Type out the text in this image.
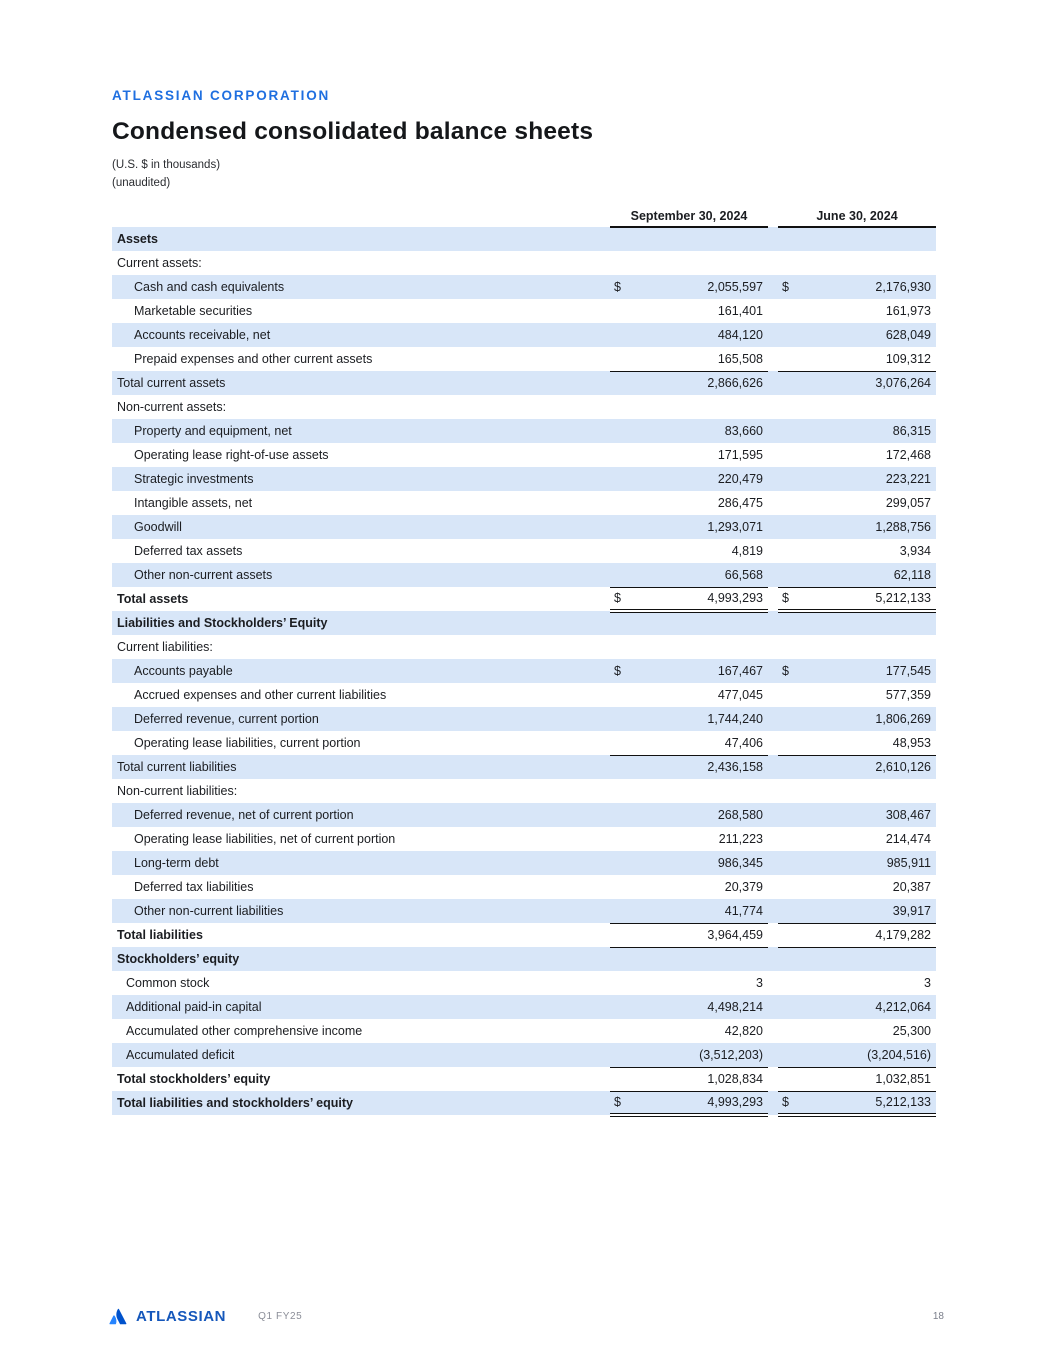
ATLASSIAN CORPORATION
Condensed consolidated balance sheets
(U.S. $ in thousands)
(unaudited)
	September 30, 2024			June 30, 2024	
Assets					
Current assets:					
Cash and cash equivalents	$	2,055,597		$	2,176,930
Marketable securities		161,401			161,973
Accounts receivable, net		484,120			628,049
Prepaid expenses and other current assets		165,508			109,312
Total current assets		2,866,626			3,076,264
Non-current assets:					
Property and equipment, net		83,660			86,315
Operating lease right-of-use assets		171,595			172,468
Strategic investments		220,479			223,221
Intangible assets, net		286,475			299,057
Goodwill		1,293,071			1,288,756
Deferred tax assets		4,819			3,934
Other non-current assets		66,568			62,118
Total assets	$	4,993,293		$	5,212,133
Liabilities and Stockholders’ Equity					
Current liabilities:					
Accounts payable	$	167,467		$	177,545
Accrued expenses and other current liabilities		477,045			577,359
Deferred revenue, current portion		1,744,240			1,806,269
Operating lease liabilities, current portion		47,406			48,953
Total current liabilities		2,436,158			2,610,126
Non-current liabilities:					
Deferred revenue, net of current portion		268,580			308,467
Operating lease liabilities, net of current portion		211,223			214,474
Long-term debt		986,345			985,911
Deferred tax liabilities		20,379			20,387
Other non-current liabilities		41,774			39,917
Total liabilities		3,964,459			4,179,282
Stockholders’ equity					
Common stock		3			3
Additional paid-in capital		4,498,214			4,212,064
Accumulated other comprehensive income		42,820			25,300
Accumulated deficit		(3,512,203)			(3,204,516)
Total stockholders’ equity		1,028,834			1,032,851
Total liabilities and stockholders’ equity	$	4,993,293		$	5,212,133
ATLASSIAN	Q1 FY25	18
